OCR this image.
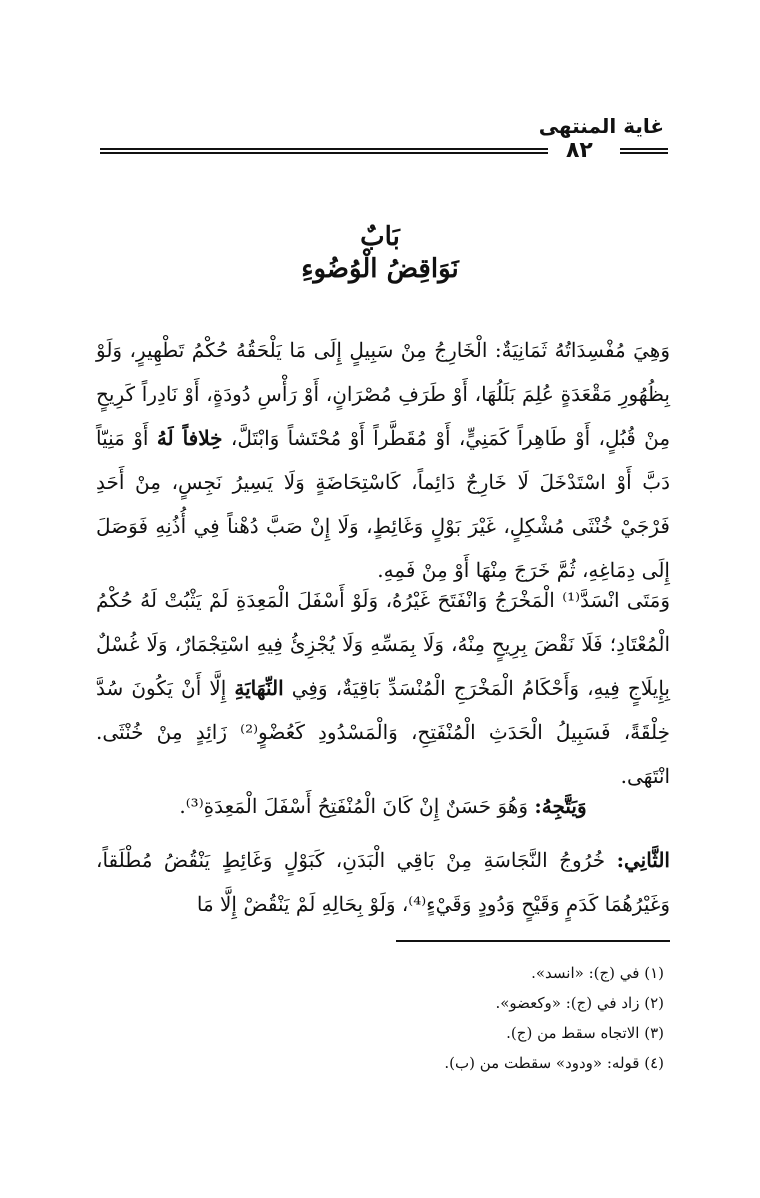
غاية المنتهى
٨٢
بَابٌ
نَوَاقِضُ الْوُضُوءِ

وَهِيَ مُفْسِدَاتُهُ ثَمَانِيَةٌ: الْخَارِجُ مِنْ سَبِيلٍ إِلَى مَا يَلْحَقُهُ حُكْمُ تَطْهِيرٍ، وَلَوْ بِظُهُورِ مَقْعَدَةٍ عُلِمَ بَلَلُهَا، أَوْ طَرَفِ مُصْرَانٍ، أَوْ رَأْسِ دُودَةٍ، أَوْ نَادِراً كَرِيحٍ مِنْ قُبُلٍ، أَوْ طَاهِراً كَمَنِيٍّ، أَوْ مُقَطَّراً أَوْ مُحْتَشاً وَابْتَلَّ، خِلافاً لَهُ أَوْ مَنِيّاً دَبَّ أَوْ اسْتَدْخَلَ لَا خَارِجٌ دَائِماً، كَاسْتِحَاضَةٍ وَلَا يَسِيرُ نَجِسٍ، مِنْ أَحَدِ فَرْجَيْ خُنْثَى مُشْكِلٍ، غَيْرَ بَوْلٍ وَغَائِطٍ، وَلَا إِنْ صَبَّ دُهْناً فِي أُذُنِهِ فَوَصَلَ إِلَى دِمَاغِهِ، ثُمَّ خَرَجَ مِنْهَا أَوْ مِنْ فَمِهِ.

وَمَتَى انْسَدَّ⁽¹⁾ الْمَخْرَجُ وَانْفَتَحَ غَيْرُهُ، وَلَوْ أَسْفَلَ الْمَعِدَةِ لَمْ يَثْبُتْ لَهُ حُكْمُ الْمُعْتَادِ؛ فَلَا نَقْضَ بِرِيحٍ مِنْهُ، وَلَا بِمَسِّهِ وَلَا يُجْزِئُ فِيهِ اسْتِجْمَارٌ، وَلَا غُسْلٌ بِإِيلَاجٍ فِيهِ، وَأَحْكَامُ الْمَخْرَجِ الْمُنْسَدِّ بَاقِيَةٌ، وَفِي النِّهَايَةِ إِلَّا أَنْ يَكُونَ سُدَّ خِلْقَةً، فَسَبِيلُ الْحَدَثِ الْمُنْفَتِحِ، وَالْمَسْدُودِ كَعُضْوٍ⁽²⁾ زَائِدٍ مِنْ خُنْثَى. انْتَهَى.

وَيَتَّجِهُ: وَهُوَ حَسَنٌ إِنْ كَانَ الْمُنْفَتِحُ أَسْفَلَ الْمَعِدَةِ⁽³⁾.

الثَّانِي: خُرُوجُ النَّجَاسَةِ مِنْ بَاقِي الْبَدَنِ، كَبَوْلٍ وَغَائِطٍ يَنْقُضُ مُطْلَقاً، وَغَيْرُهُمَا كَدَمٍ وَقَيْحٍ وَدُودٍ وَقَيْءٍ⁽⁴⁾، وَلَوْ بِحَالِهِ لَمْ يَنْقُضْ إِلَّا مَا

(١) في (ج): «انسد».
(٢) زاد في (ج): «وكعضو».
(٣) الاتجاه سقط من (ج).
(٤) قوله: «ودود» سقطت من (ب).
